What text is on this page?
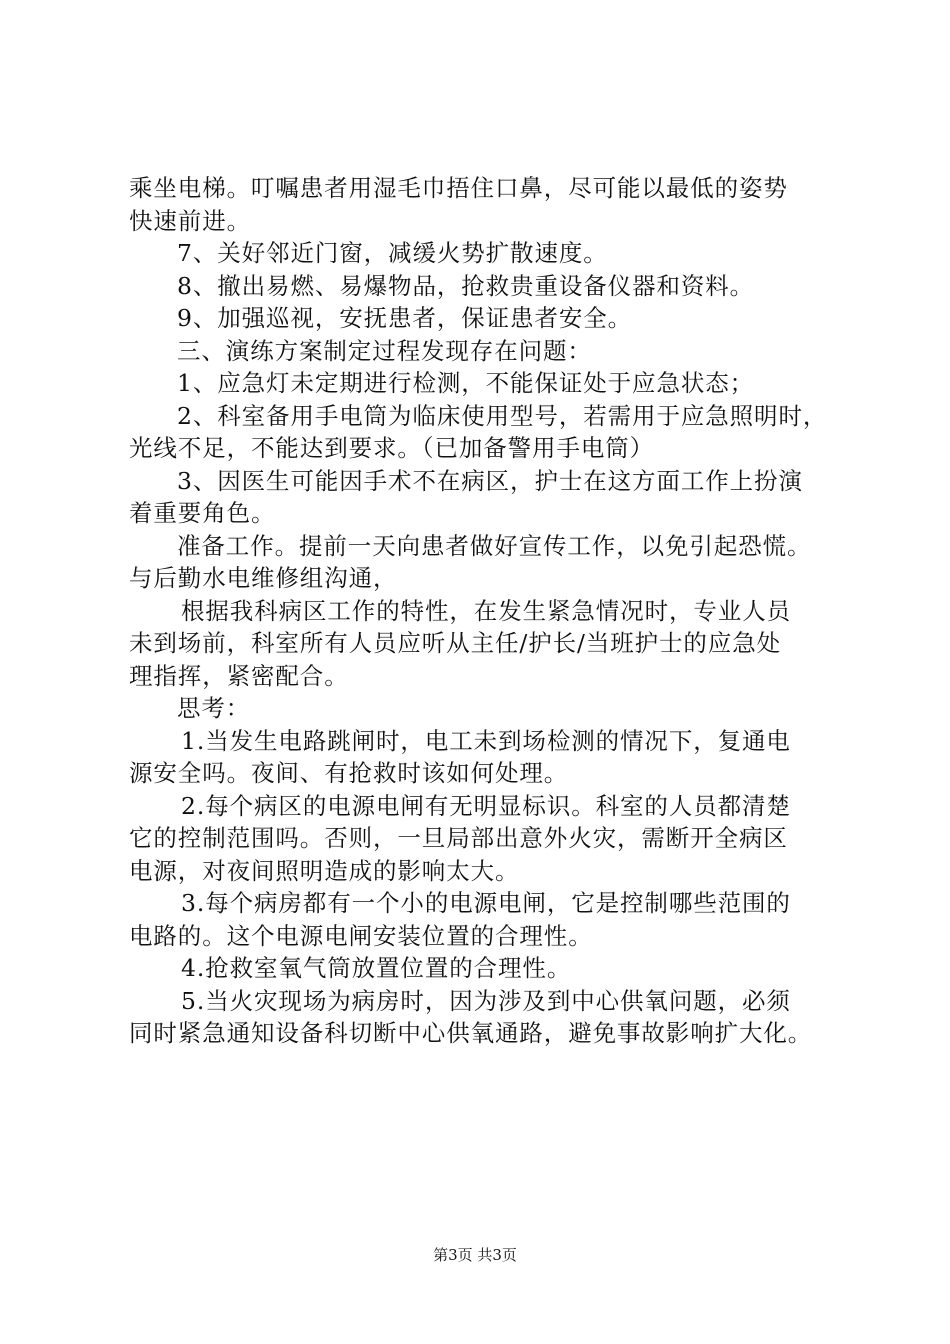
乘坐电梯。叮嘱患者用湿毛巾捂住口鼻，尽可能以最低的姿势
快速前进。
7、关好邻近门窗，减缓火势扩散速度。
8、撤出易燃、易爆物品，抢救贵重设备仪器和资料。
9、加强巡视，安抚患者，保证患者安全。
三、演练方案制定过程发现存在问题：
1、应急灯未定期进行检测，不能保证处于应急状态；
2、科室备用手电筒为临床使用型号，若需用于应急照明时，
光线不足，不能达到要求。（已加备警用手电筒）
3、因医生可能因手术不在病区，护士在这方面工作上扮演
着重要角色。
准备工作。提前一天向患者做好宣传工作，以免引起恐慌。
与后勤水电维修组沟通，
根据我科病区工作的特性，在发生紧急情况时，专业人员
未到场前，科室所有人员应听从主任/护长/当班护士的应急处
理指挥，紧密配合。
思考：
1.当发生电路跳闸时，电工未到场检测的情况下，复通电
源安全吗。夜间、有抢救时该如何处理。
2.每个病区的电源电闸有无明显标识。科室的人员都清楚
它的控制范围吗。否则，一旦局部出意外火灾，需断开全病区
电源，对夜间照明造成的影响太大。
3.每个病房都有一个小的电源电闸，它是控制哪些范围的
电路的。这个电源电闸安装位置的合理性。
4.抢救室氧气筒放置位置的合理性。
5.当火灾现场为病房时，因为涉及到中心供氧问题，必须
同时紧急通知设备科切断中心供氧通路，避免事故影响扩大化。
第3页 共3页
